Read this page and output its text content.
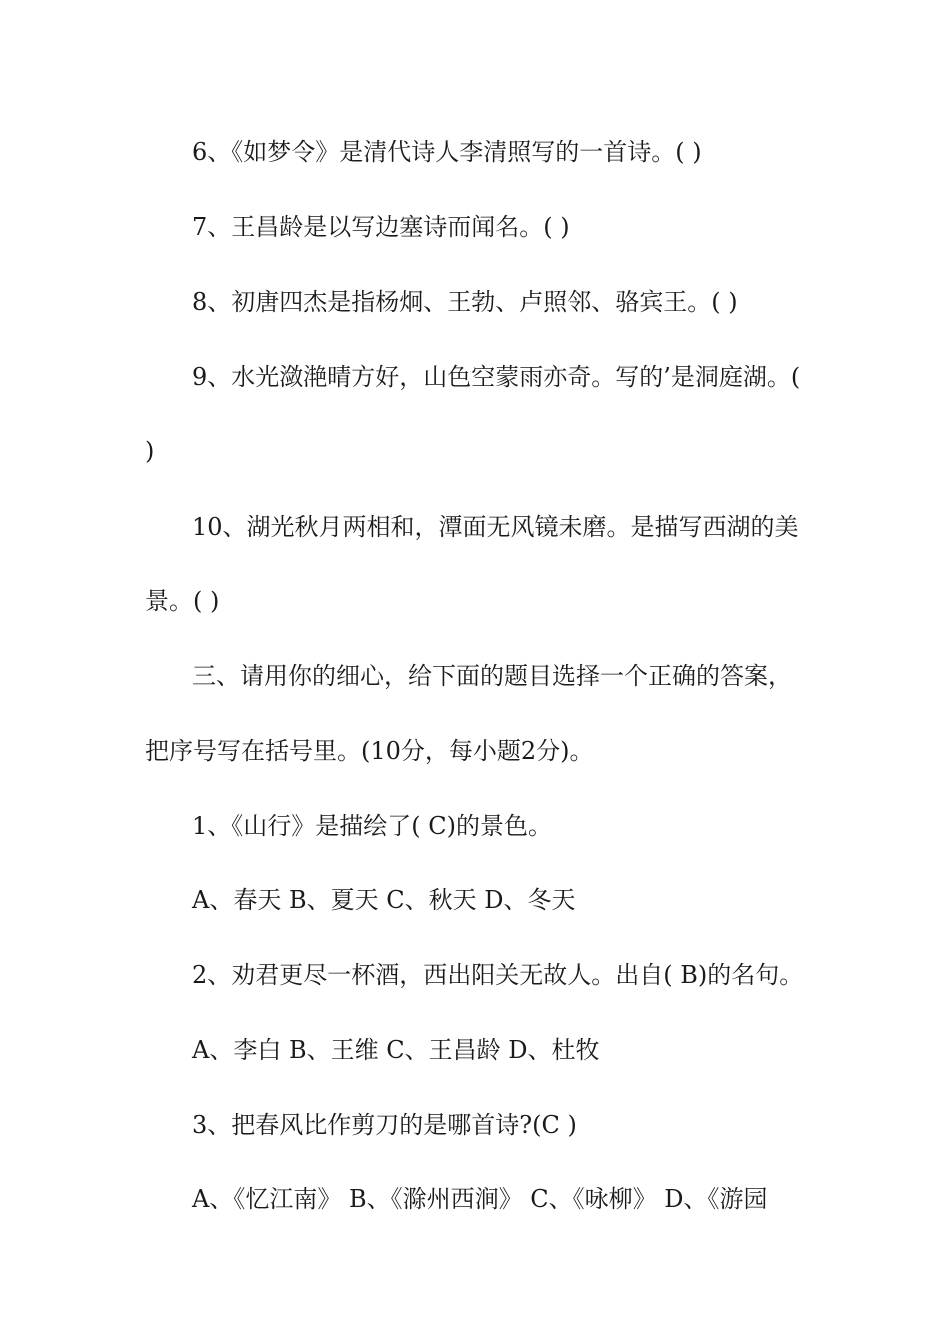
6、《如梦令》是清代诗人李清照写的一首诗。( )
7、王昌龄是以写边塞诗而闻名。( )
8、初唐四杰是指杨炯、王勃、卢照邻、骆宾王。( )
9、水光潋滟晴方好，山色空蒙雨亦奇。写的’是洞庭湖。(
)
10、湖光秋月两相和，潭面无风镜未磨。是描写西湖的美
景。( )
三、请用你的细心，给下面的题目选择一个正确的答案，
把序号写在括号里。(10分，每小题2分)。
1、《山行》是描绘了( C)的景色。
A、春天 B、夏天 C、秋天 D、冬天
2、劝君更尽一杯酒，西出阳关无故人。出自( B)的名句。
A、李白 B、王维 C、王昌龄 D、杜牧
3、把春风比作剪刀的是哪首诗?(C )
A、《忆江南》 B、《滁州西涧》 C、《咏柳》 D、《游园
